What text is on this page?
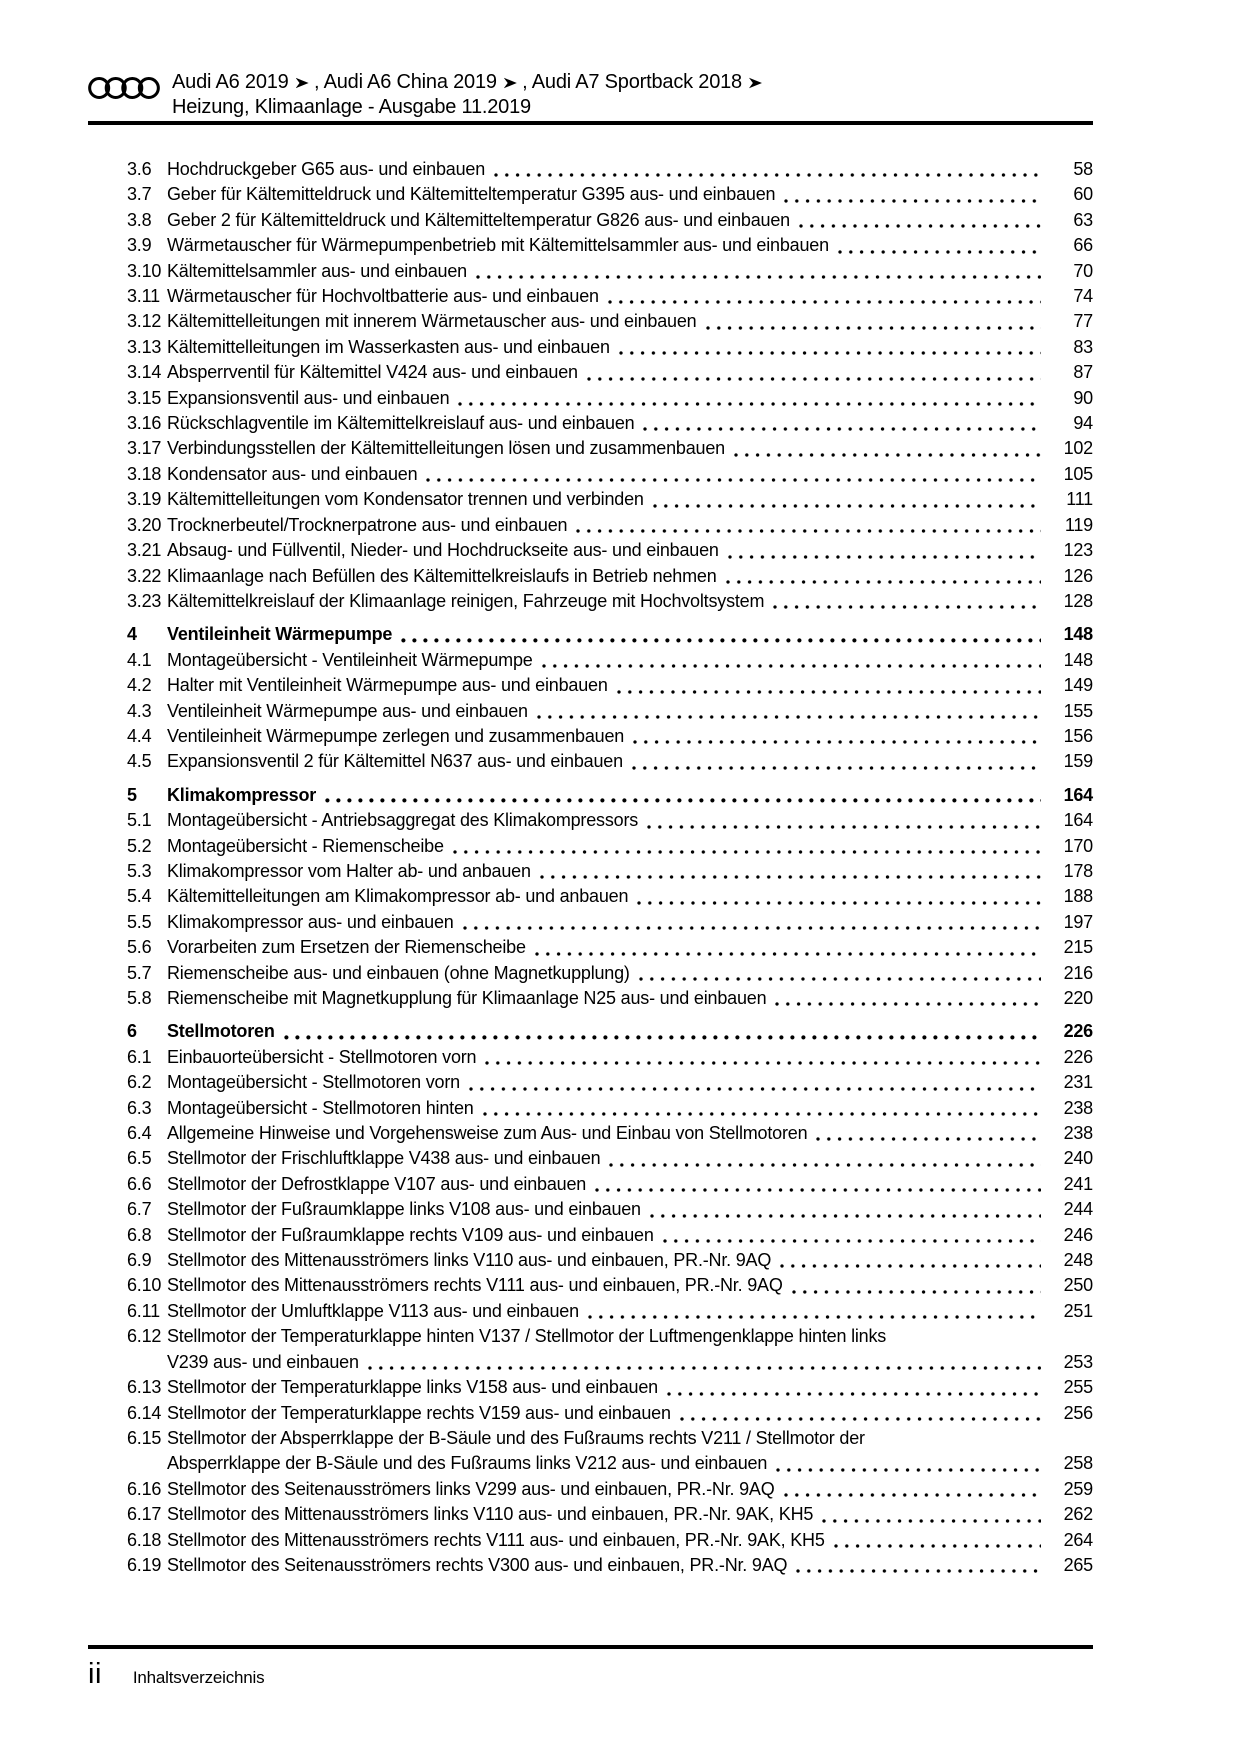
Audi A6 2019 , Audi A6 China 2019 , Audi A7 Sportback 2018
Heizung, Klimaanlage - Ausgabe 11.2019
3.6 Hochdruckgeber G65 aus- und einbauen	58
3.7 Geber für Kältemitteldruck und Kältemitteltemperatur G395 aus- und einbauen	60
3.8 Geber 2 für Kältemitteldruck und Kältemitteltemperatur G826 aus- und einbauen	63
3.9 Wärmetauscher für Wärmepumpenbetrieb mit Kältemittelsammler aus- und einbauen	66
3.10 Kältemittelsammler aus- und einbauen	70
3.11 Wärmetauscher für Hochvoltbatterie aus- und einbauen	74
3.12 Kältemittelleitungen mit innerem Wärmetauscher aus- und einbauen	77
3.13 Kältemittelleitungen im Wasserkasten aus- und einbauen	83
3.14 Absperrventil für Kältemittel V424 aus- und einbauen	87
3.15 Expansionsventil aus- und einbauen	90
3.16 Rückschlagventile im Kältemittelkreislauf aus- und einbauen	94
3.17 Verbindungsstellen der Kältemittelleitungen lösen und zusammenbauen	102
3.18 Kondensator aus- und einbauen	105
3.19 Kältemittelleitungen vom Kondensator trennen und verbinden	111
3.20 Trocknerbeutel/Trocknerpatrone aus- und einbauen	119
3.21 Absaug- und Füllventil, Nieder- und Hochdruckseite aus- und einbauen	123
3.22 Klimaanlage nach Befüllen des Kältemittelkreislaufs in Betrieb nehmen	126
3.23 Kältemittelkreislauf der Klimaanlage reinigen, Fahrzeuge mit Hochvoltsystem	128
4	Ventileinheit Wärmepumpe	148
4.1 Montageübersicht - Ventileinheit Wärmepumpe	148
4.2 Halter mit Ventileinheit Wärmepumpe aus- und einbauen	149
4.3 Ventileinheit Wärmepumpe aus- und einbauen	155
4.4 Ventileinheit Wärmepumpe zerlegen und zusammenbauen	156
4.5 Expansionsventil 2 für Kältemittel N637 aus- und einbauen	159
5	Klimakompressor	164
5.1 Montageübersicht - Antriebsaggregat des Klimakompressors	164
5.2 Montageübersicht - Riemenscheibe	170
5.3 Klimakompressor vom Halter ab- und anbauen	178
5.4 Kältemittelleitungen am Klimakompressor ab- und anbauen	188
5.5 Klimakompressor aus- und einbauen	197
5.6 Vorarbeiten zum Ersetzen der Riemenscheibe	215
5.7 Riemenscheibe aus- und einbauen (ohne Magnetkupplung)	216
5.8 Riemenscheibe mit Magnetkupplung für Klimaanlage N25 aus- und einbauen	220
6	Stellmotoren	226
6.1 Einbauorteübersicht - Stellmotoren vorn	226
6.2 Montageübersicht - Stellmotoren vorn	231
6.3 Montageübersicht - Stellmotoren hinten	238
6.4 Allgemeine Hinweise und Vorgehensweise zum Aus- und Einbau von Stellmotoren	238
6.5 Stellmotor der Frischluftklappe V438 aus- und einbauen	240
6.6 Stellmotor der Defrostklappe V107 aus- und einbauen	241
6.7 Stellmotor der Fußraumklappe links V108 aus- und einbauen	244
6.8 Stellmotor der Fußraumklappe rechts V109 aus- und einbauen	246
6.9 Stellmotor des Mittenausströmers links V110 aus- und einbauen, PR.-Nr. 9AQ	248
6.10 Stellmotor des Mittenausströmers rechts V111 aus- und einbauen, PR.-Nr. 9AQ	250
6.11 Stellmotor der Umluftklappe V113 aus- und einbauen	251
6.12 Stellmotor der Temperaturklappe hinten V137 / Stellmotor der Luftmengenklappe hinten links
V239 aus- und einbauen	253
6.13 Stellmotor der Temperaturklappe links V158 aus- und einbauen	255
6.14 Stellmotor der Temperaturklappe rechts V159 aus- und einbauen	256
6.15 Stellmotor der Absperrklappe der B-Säule und des Fußraums rechts V211 / Stellmotor der
Absperrklappe der B-Säule und des Fußraums links V212 aus- und einbauen	258
6.16 Stellmotor des Seitenausströmers links V299 aus- und einbauen, PR.-Nr. 9AQ	259
6.17 Stellmotor des Mittenausströmers links V110 aus- und einbauen, PR.-Nr. 9AK, KH5	262
6.18 Stellmotor des Mittenausströmers rechts V111 aus- und einbauen, PR.-Nr. 9AK, KH5	264
6.19 Stellmotor des Seitenausströmers rechts V300 aus- und einbauen, PR.-Nr. 9AQ	265
ii Inhaltsverzeichnis
